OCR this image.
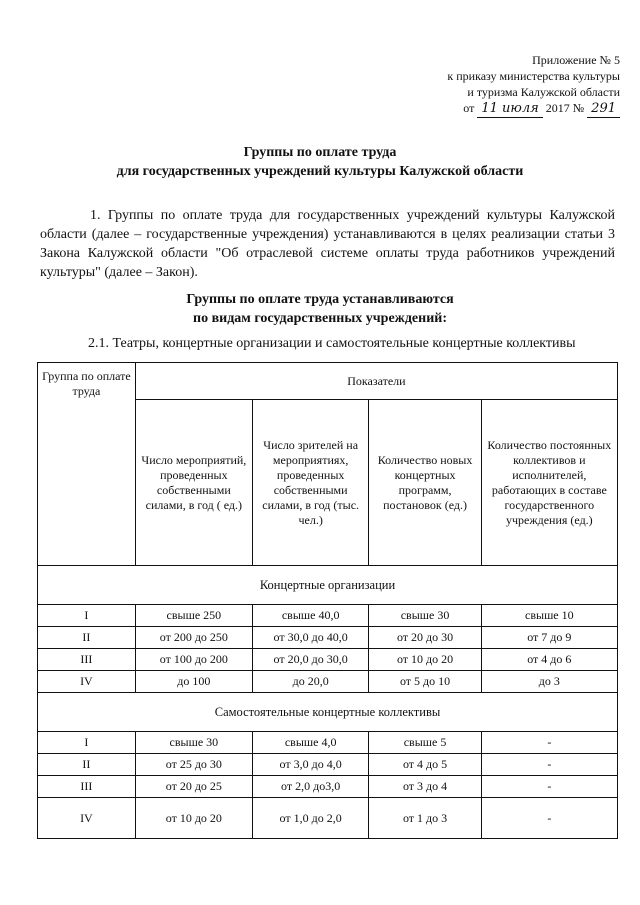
Приложение № 5
к приказу министерства культуры
и туризма Калужской области
от 11 июля 2017 № 291
Группы по оплате труда
для государственных учреждений культуры Калужской области
1. Группы по оплате труда для государственных учреждений культуры Калужской области (далее – государственные учреждения) устанавливаются в целях реализации статьи 3 Закона Калужской области "Об отраслевой системе оплаты труда работников учреждений культуры" (далее – Закон).
Группы по оплате труда устанавливаются
по видам государственных учреждений:
2.1. Театры, концертные организации и самостоятельные концертные коллективы
Группа по оплате труда	Показатели			
	Число мероприятий, проведенных собственными силами, в год ( ед.)	Число зрителей на мероприятиях, проведенных собственными силами, в год (тыс. чел.)	Количество новых концертных программ, постановок (ед.)	Количество постоянных коллективов и исполнителей, работающих в составе государственного учреждения (ед.)
Концертные организации				
I	свыше 250	свыше 40,0	свыше 30	свыше 10
II	от 200 до 250	от 30,0 до 40,0	от 20 до 30	от 7 до 9
III	от 100 до 200	от 20,0 до 30,0	от 10 до 20	от 4 до 6
IV	до 100	до 20,0	от 5 до 10	до 3
Самостоятельные концертные коллективы				
I	свыше 30	свыше 4,0	свыше 5	-
II	от 25 до 30	от 3,0 до 4,0	от 4 до 5	-
III	от 20 до 25	от 2,0 до3,0	от 3 до 4	-
IV	от 10 до 20	от 1,0 до 2,0	от 1 до 3	-
